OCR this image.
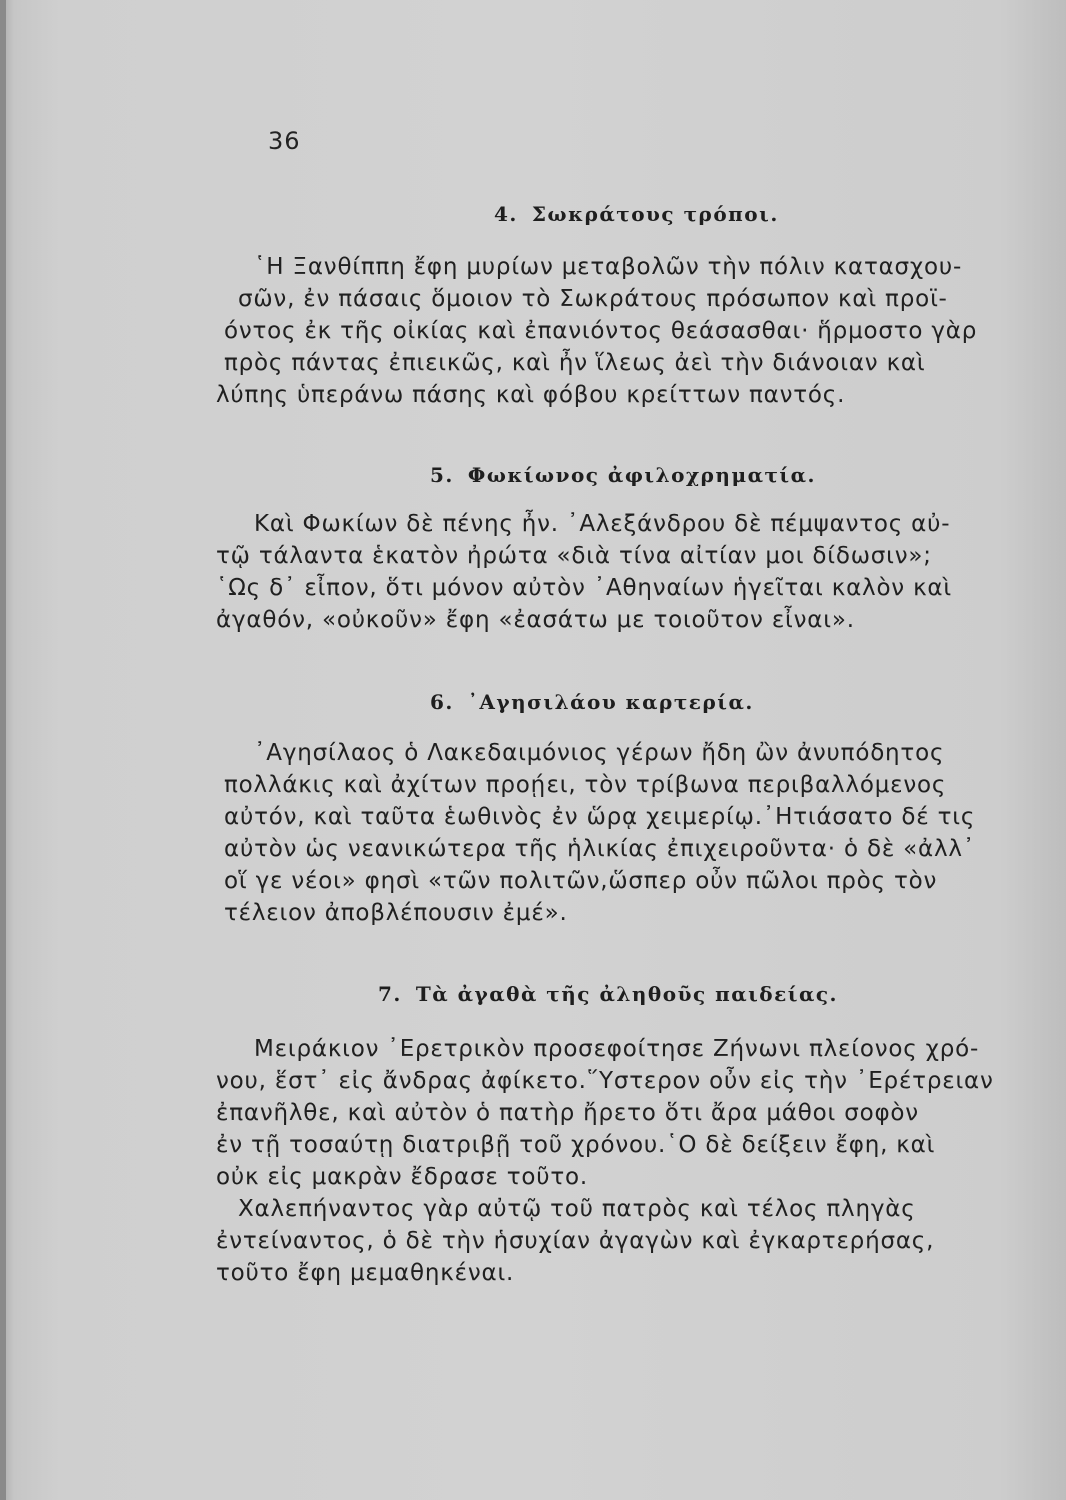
36
4. Σωκράτους τρόποι.
῾Η Ξανθίππη ἔφη μυρίων μεταβολῶν τὴν πόλιν κατασχου-
σῶν, ἐν πάσαις ὅμοιον τὸ Σωκράτους πρόσωπον καὶ προϊ-
όντος ἐκ τῆς οἰκίας καὶ ἐπανιόντος θεάσασθαι· ἥρμοστο γὰρ
πρὸς πάντας ἐπιεικῶς, καὶ ἦν ἵλεως ἀεὶ τὴν διάνοιαν καὶ
λύπης ὑπεράνω πάσης καὶ φόβου κρείττων παντός.
5. Φωκίωνος ἀφιλοχρηματία.
Καὶ Φωκίων δὲ πένης ἦν. ᾽Αλεξάνδρου δὲ πέμψαντος αὐ-
τῷ τάλαντα ἑκατὸν ἠρώτα «διὰ τίνα αἰτίαν μοι δίδωσιν»;
῾Ως δ᾽ εἶπον, ὅτι μόνον αὐτὸν ᾽Αθηναίων ἡγεῖται καλὸν καὶ
ἀγαθόν, «οὐκοῦν» ἔφη «ἐασάτω με τοιοῦτον εἶναι».
6. ᾽Αγησιλάου καρτερία.
᾽Αγησίλαος ὁ Λακεδαιμόνιος γέρων ἤδη ὢν ἀνυπόδητος
πολλάκις καὶ ἀχίτων προῄει, τὸν τρίβωνα περιβαλλόμενος
αὐτόν, καὶ ταῦτα ἑωθινὸς ἐν ὥρᾳ χειμερίῳ.᾽Ητιάσατο δέ τις
αὐτὸν ὡς νεανικώτερα τῆς ἡλικίας ἐπιχειροῦντα· ὁ δὲ «ἀλλ᾽
οἵ γε νέοι» φησὶ «τῶν πολιτῶν,ὥσπερ οὖν πῶλοι πρὸς τὸν
τέλειον ἀποβλέπουσιν ἐμέ».
7. Τὰ ἀγαθὰ τῆς ἀληθοῦς παιδείας.
Μειράκιον ᾽Ερετρικὸν προσεφοίτησε Ζήνωνι πλείονος χρό-
νου, ἕστ᾽ εἰς ἄνδρας ἀφίκετο.῞Υστερον οὖν εἰς τὴν ᾽Ερέτρειαν
ἐπανῆλθε, καὶ αὐτὸν ὁ πατὴρ ἤρετο ὅτι ἄρα μάθοι σοφὸν
ἐν τῇ τοσαύτῃ διατριβῇ τοῦ χρόνου.῾Ο δὲ δείξειν ἔφη, καὶ
οὐκ εἰς μακρὰν ἔδρασε τοῦτο.
Χαλεπήναντος γὰρ αὐτῷ τοῦ πατρὸς καὶ τέλος πληγὰς
ἐντείναντος, ὁ δὲ τὴν ἡσυχίαν ἀγαγὼν καὶ ἐγκαρτερήσας,
τοῦτο ἔφη μεμαθηκέναι.
